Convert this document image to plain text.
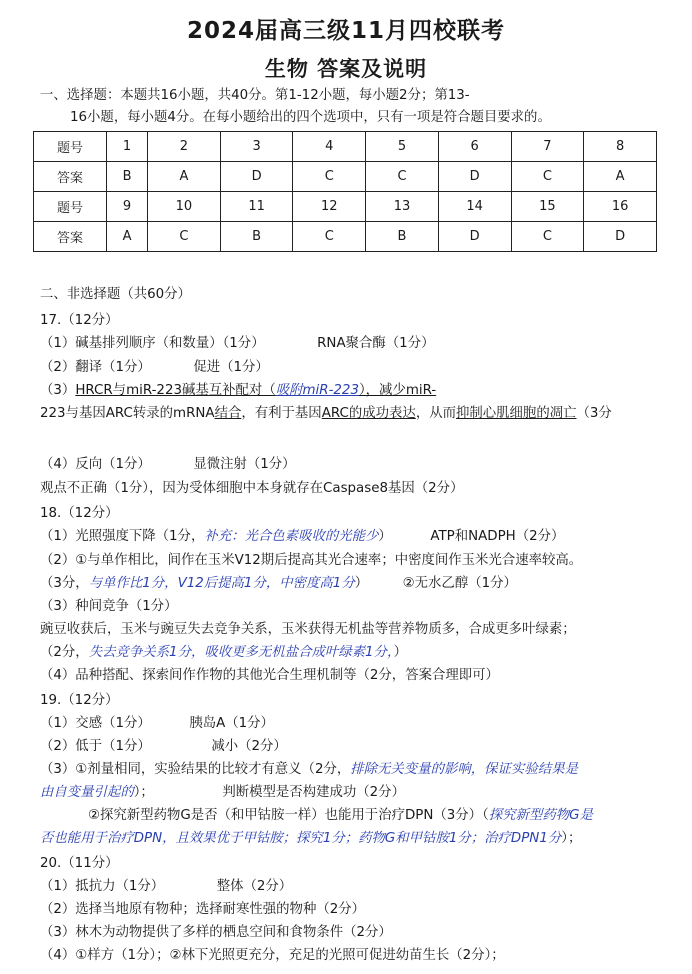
2024届高三级11月四校联考
生物 答案及说明
一、选择题：本题共16小题，共40分。第1-12小题，每小题2分；第13-
16小题，每小题4分。在每小题给出的四个选项中，只有一项是符合题目要求的。
题号	1	2	3	4	5	6	7	8
答案	B	A	D	C	C	D	C	A
题号	9	10	11	12	13	14	15	16
答案	A	C	B	C	B	D	C	D
二、非选择题（共60分）
17.（12分）
（1）碱基排列顺序（和数量）（1分）	RNA聚合酶（1分）
（2）翻译（1分）	促进（1分）
（3）HRCR与miR-223碱基互补配对（吸附miR-223），减少miR-
223与基因ARC转录的mRNA结合，有利于基因ARC的成功表达，从而抑制心肌细胞的凋亡（3分
（4）反向（1分）	显微注射（1分）
观点不正确（1分），因为受体细胞中本身就存在Caspase8基因（2分）
18.（12分）
（1）光照强度下降（1分，补充：光合色素吸收的光能少）	ATP和NADPH（2分）
（2）①与单作相比，间作在玉米V12期后提高其光合速率；中密度间作玉米光合速率较高。
（3分，与单作比1分，V12后提高1分，中密度高1分）	②无水乙醇（1分）
（3）种间竞争（1分）
豌豆收获后，玉米与豌豆失去竞争关系，玉米获得无机盐等营养物质多，合成更多叶绿素；
（2分，失去竞争关系1分，吸收更多无机盐合成叶绿素1分，）
（4）品种搭配、探索间作作物的其他光合生理机制等（2分，答案合理即可）
19.（12分）
（1）交感（1分）	胰岛A（1分）
（2）低于（1分）	减小（2分）
（3）①剂量相同，实验结果的比较才有意义（2分，排除无关变量的影响，保证实验结果是
由自变量引起的）；	判断模型是否构建成功（2分）
②探究新型药物G是否（和甲钴胺一样）也能用于治疗DPN（3分）（探究新型药物G是
否也能用于治疗DPN，且效果优于甲钴胺；探究1分；药物G和甲钴胺1分；治疗DPN1分）；
20.（11分）
（1）抵抗力（1分）	整体（2分）
（2）选择当地原有物种；选择耐寒性强的物种（2分）
（3）林木为动物提供了多样的栖息空间和食物条件（2分）
（4）①样方（1分）；②林下光照更充分，充足的光照可促进幼苗生长（2分）；
